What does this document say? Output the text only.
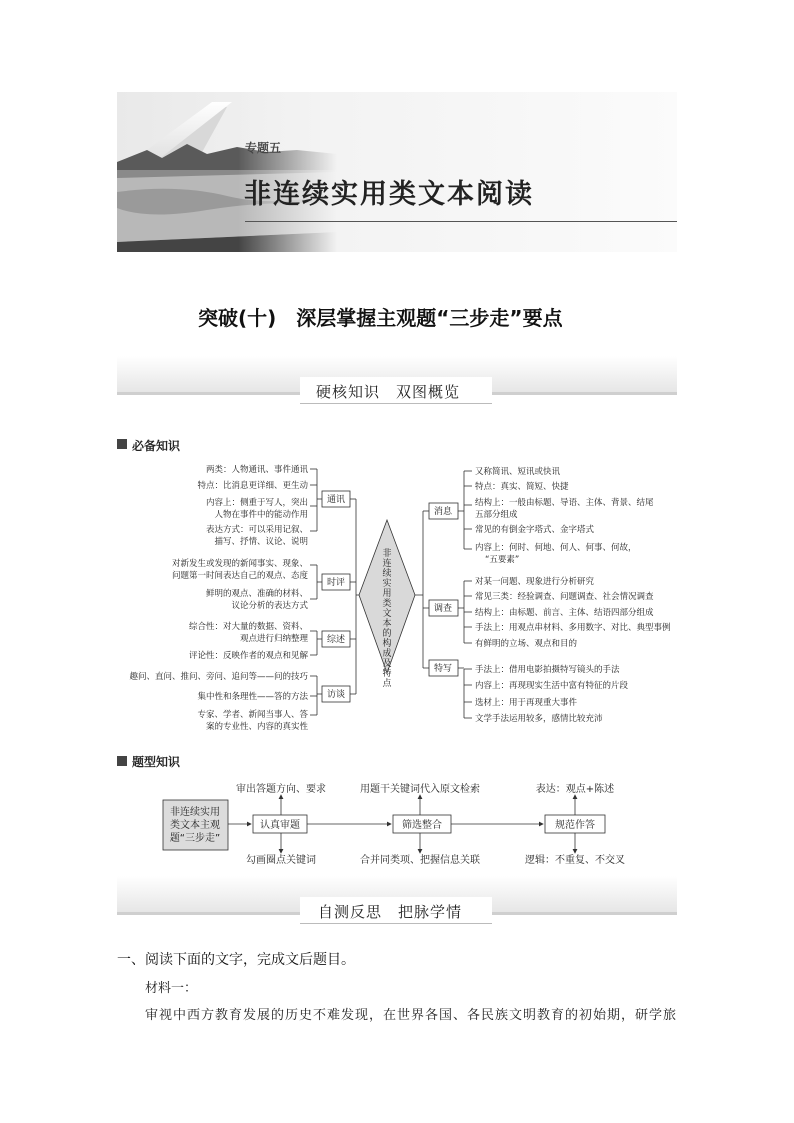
专题五
非连续实用类文本阅读
突破(十)　深层掌握主观题“三步走”要点
硬核知识　双图概览
必备知识
通讯
时评
综述
访谈
消息
调查
特写
非
连
续
实
用
类
文
本
的
构
成
及
特
点
两类：人物通讯、事件通讯
特点：比消息更详细、更生动
内容上：侧重于写人，突出
人物在事件中的能动作用
表达方式：可以采用记叙、
描写、抒情、议论、说明
对新发生或发现的新闻事实、现象、
问题第一时间表达自己的观点、态度
鲜明的观点、准确的材料、
议论分析的表达方式
综合性：对大量的数据、资料、
观点进行归纳整理
评论性：反映作者的观点和见解
趣问、直问、推问、旁问、追问等——问的技巧
集中性和条理性——答的方法
专家、学者、新闻当事人、答
案的专业性、内容的真实性
又称简讯、短讯或快讯
特点：真实、简短、快捷
结构上：一般由标题、导语、主体、背景、结尾
五部分组成
常见的有倒金字塔式、金字塔式
内容上：何时、何地、何人、何事、何故，
“五要素”
对某一问题、现象进行分析研究
常见三类：经验调查、问题调查、社会情况调查
结构上：由标题、前言、主体、结语四部分组成
手法上：用观点串材料、多用数字、对比、典型事例
有鲜明的立场、观点和目的
手法上：借用电影拍摄特写镜头的手法
内容上：再现现实生活中富有特征的片段
选材上：用于再现重大事件
文学手法运用较多，感情比较充沛
题型知识
非连续实用
类文本主观
题“三步走”
认真审题	筛选整合	规范作答
审出答题方向、要求	用题干关键词代入原文检索	表达：观点+陈述
勾画圈点关键词	合并同类项、把握信息关联	逻辑：不重复、不交叉
自测反思　把脉学情
一、阅读下面的文字，完成文后题目。
材料一：
审视中西方教育发展的历史不难发现，在世界各国、各民族文明教育的初始期，研学旅
